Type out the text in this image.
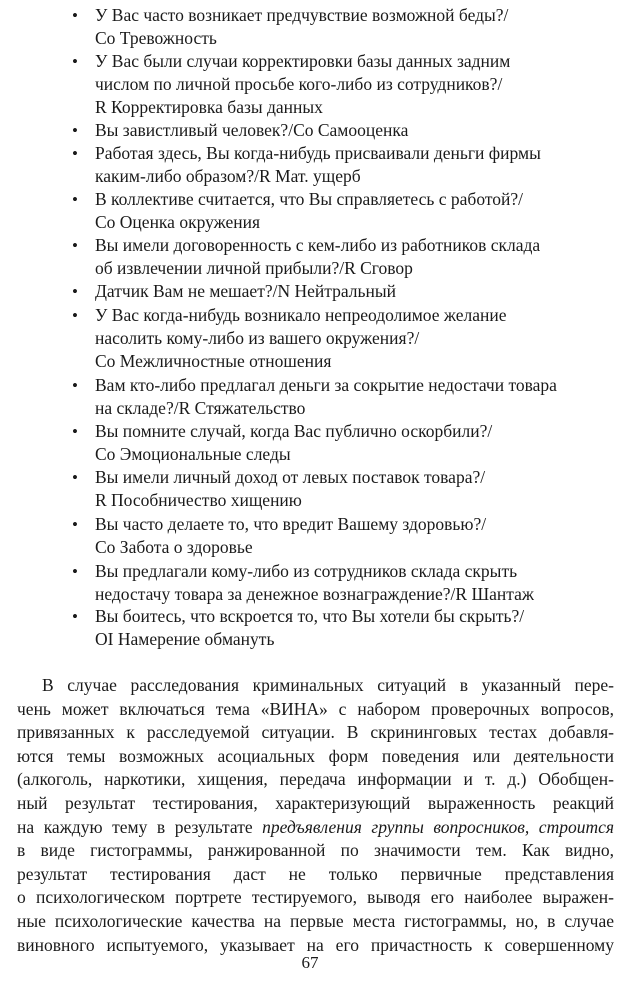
• У Вас часто возникает предчувствие возможной беды?/
Со Тревожность
• У Вас были случаи корректировки базы данных задним
числом по личной просьбе кого-либо из сотрудников?/
R Корректировка базы данных
• Вы завистливый человек?/Со Самооценка
• Работая здесь, Вы когда-нибудь присваивали деньги фирмы
каким-либо образом?/R Мат. ущерб
• В коллективе считается, что Вы справляетесь с работой?/
Со Оценка окружения
• Вы имели договоренность с кем-либо из работников склада
об извлечении личной прибыли?/R Сговор
• Датчик Вам не мешает?/N Нейтральный
• У Вас когда-нибудь возникало непреодолимое желание
насолить кому-либо из вашего окружения?/
Со Межличностные отношения
• Вам кто-либо предлагал деньги за сокрытие недостачи товара
на складе?/R Стяжательство
• Вы помните случай, когда Вас публично оскорбили?/
Со Эмоциональные следы
• Вы имели личный доход от левых поставок товара?/
R Пособничество хищению
• Вы часто делаете то, что вредит Вашему здоровью?/
Со Забота о здоровье
• Вы предлагали кому-либо из сотрудников склада скрыть
недостачу товара за денежное вознаграждение?/R Шантаж
• Вы боитесь, что вскроется то, что Вы хотели бы скрыть?/
OI Намерение обмануть
В случае расследования криминальных ситуаций в указанный пере-
чень может включаться тема «ВИНА» с набором проверочных вопросов,
привязанных к расследуемой ситуации. В скрининговых тестах добавля-
ются темы возможных асоциальных форм поведения или деятельности
(алкоголь, наркотики, хищения, передача информации и т. д.) Обобщен-
ный результат тестирования, характеризующий выраженность реакций
на каждую тему в результате предъявления группы вопросников, строится
в виде гистограммы, ранжированной по значимости тем. Как видно,
результат тестирования даст не только первичные представления
о психологическом портрете тестируемого, выводя его наиболее выражен-
ные психологические качества на первые места гистограммы, но, в случае
виновного испытуемого, указывает на его причастность к совершенному
67
